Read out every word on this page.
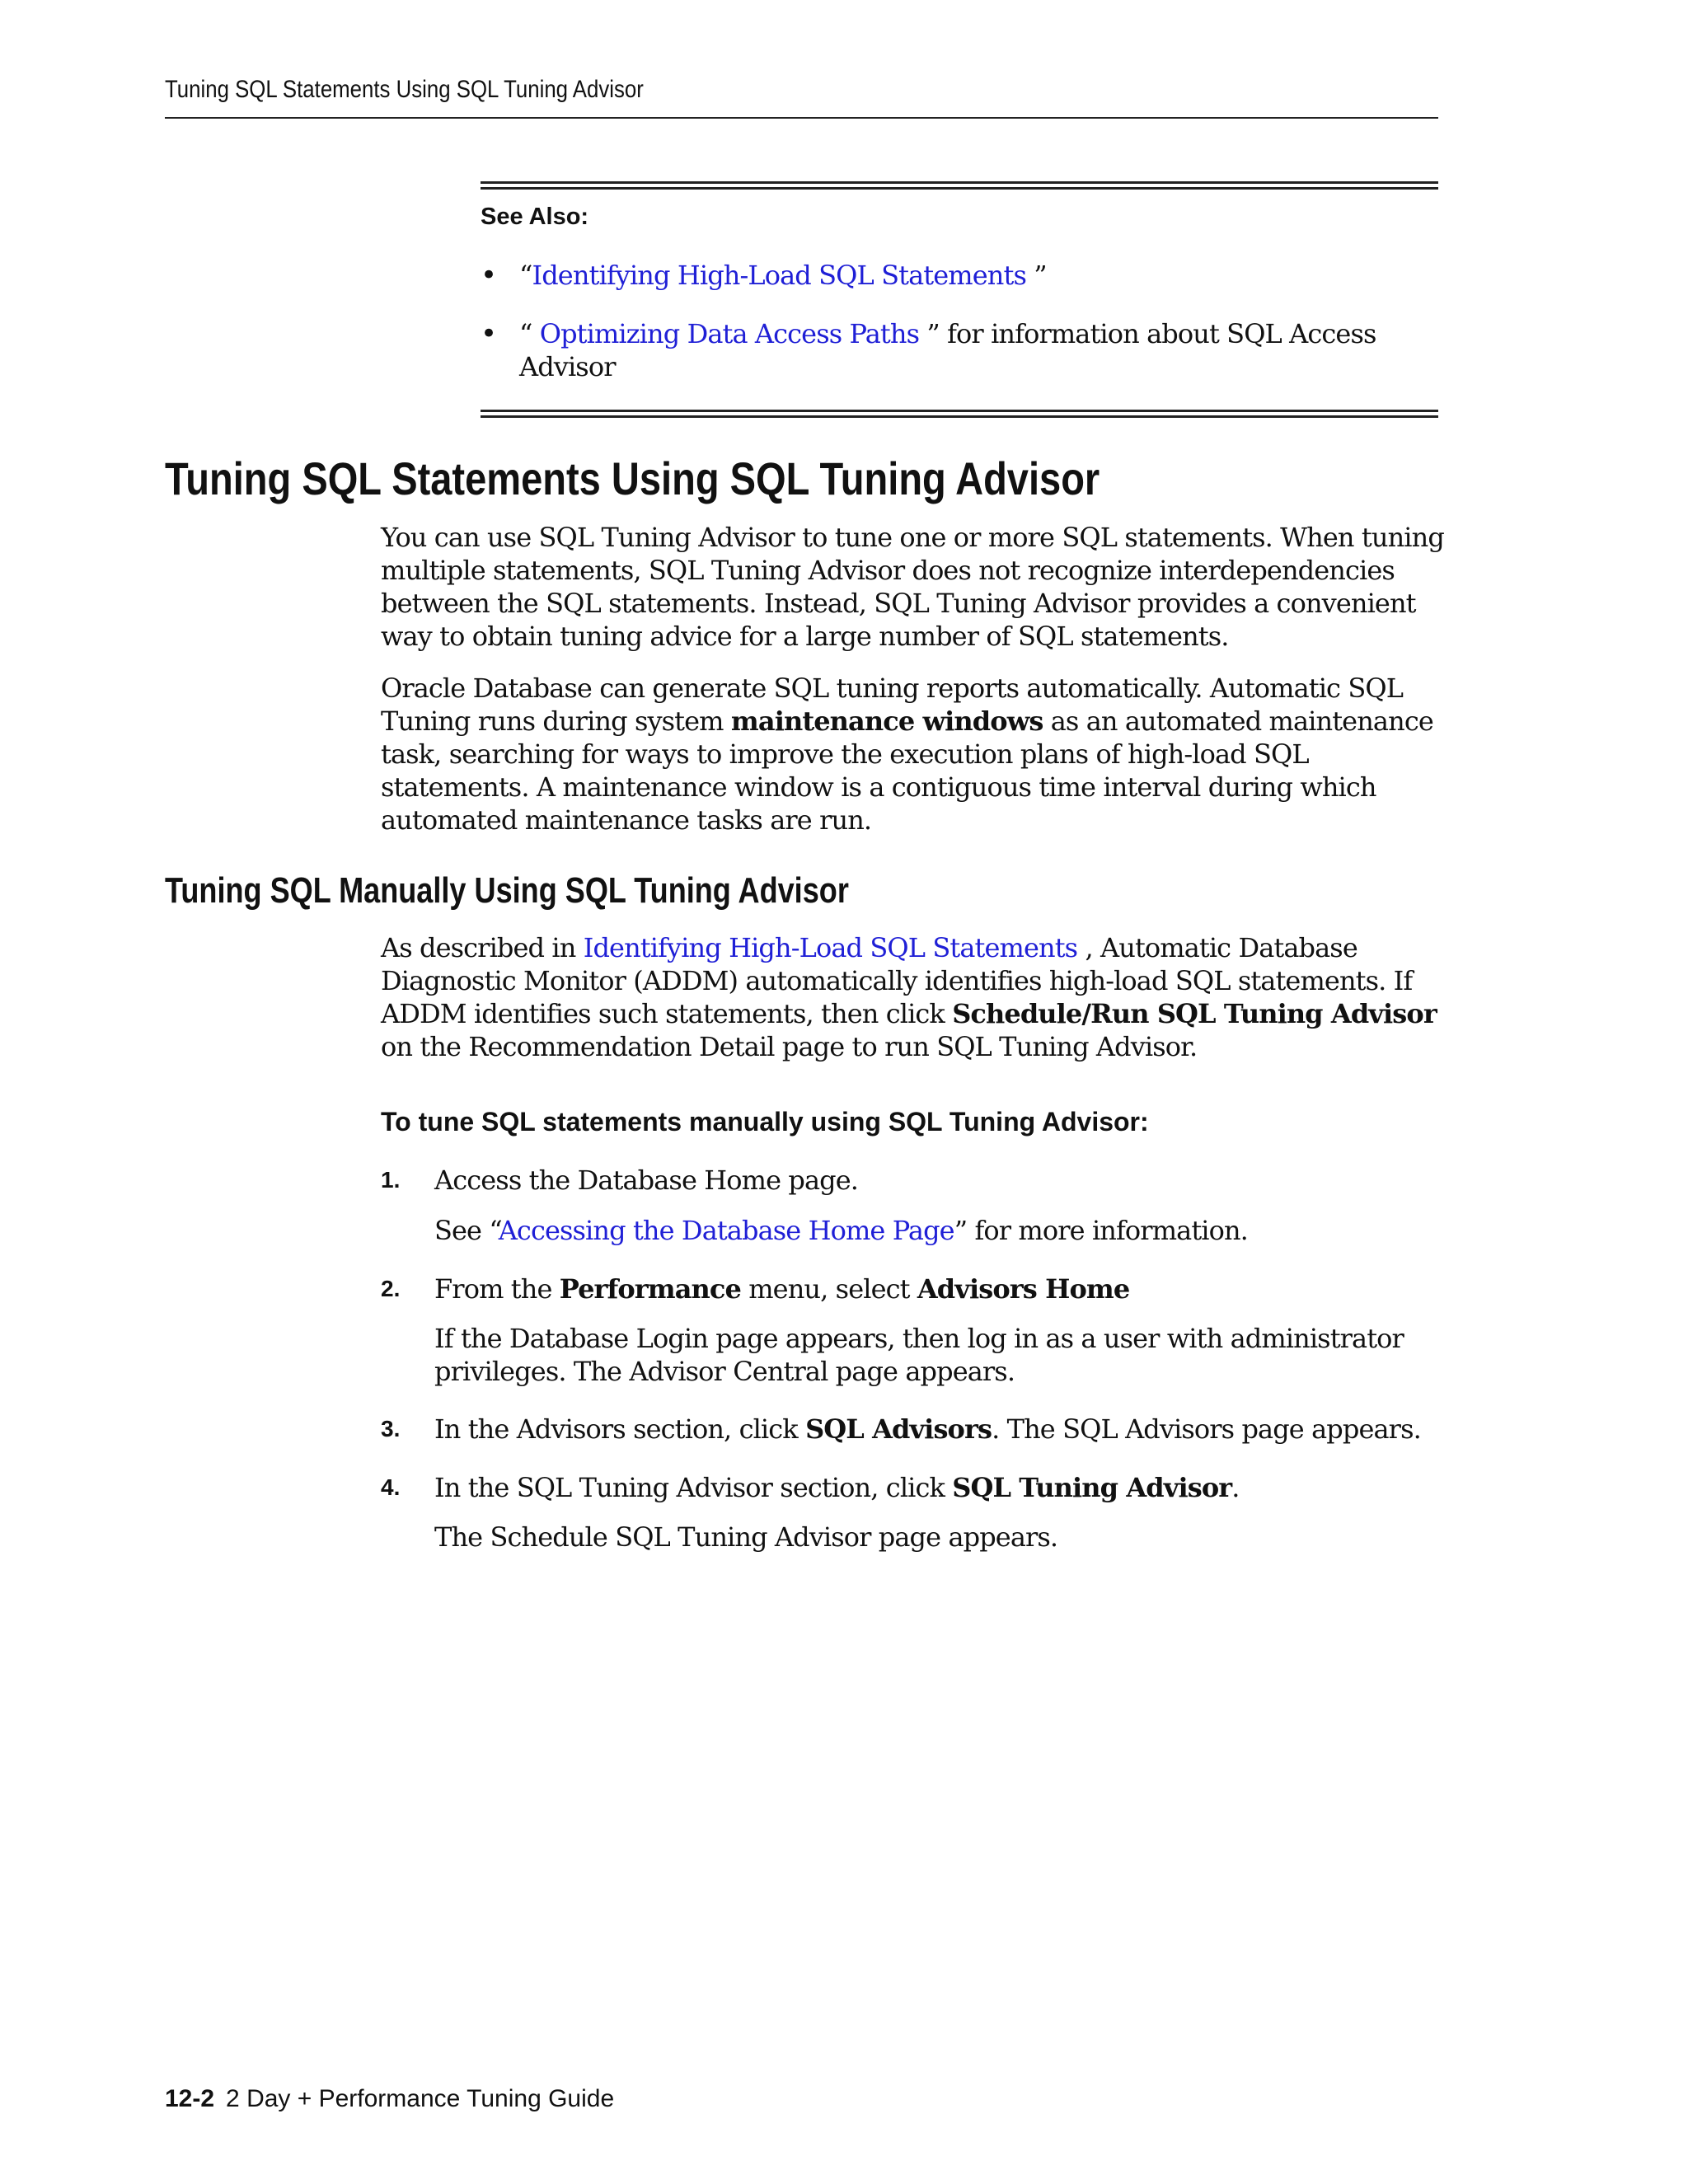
Tuning SQL Statements Using SQL Tuning Advisor
See Also:
• “Identifying High-Load SQL Statements ”
• “ Optimizing Data Access Paths ” for information about SQL Access Advisor
Tuning SQL Statements Using SQL Tuning Advisor

You can use SQL Tuning Advisor to tune one or more SQL statements. When tuning multiple statements, SQL Tuning Advisor does not recognize interdependencies between the SQL statements. Instead, SQL Tuning Advisor provides a convenient way to obtain tuning advice for a large number of SQL statements.

Oracle Database can generate SQL tuning reports automatically. Automatic SQL Tuning runs during system maintenance windows as an automated maintenance task, searching for ways to improve the execution plans of high-load SQL statements. A maintenance window is a contiguous time interval during which automated maintenance tasks are run.

Tuning SQL Manually Using SQL Tuning Advisor

As described in Identifying High-Load SQL Statements , Automatic Database Diagnostic Monitor (ADDM) automatically identifies high-load SQL statements. If ADDM identifies such statements, then click Schedule/Run SQL Tuning Advisor on the Recommendation Detail page to run SQL Tuning Advisor.

To tune SQL statements manually using SQL Tuning Advisor:
1. Access the Database Home page.
See “Accessing the Database Home Page” for more information.
2. From the Performance menu, select Advisors Home
If the Database Login page appears, then log in as a user with administrator privileges. The Advisor Central page appears.
3. In the Advisors section, click SQL Advisors. The SQL Advisors page appears.
4. In the SQL Tuning Advisor section, click SQL Tuning Advisor.
The Schedule SQL Tuning Advisor page appears.
12-2 2 Day + Performance Tuning Guide
